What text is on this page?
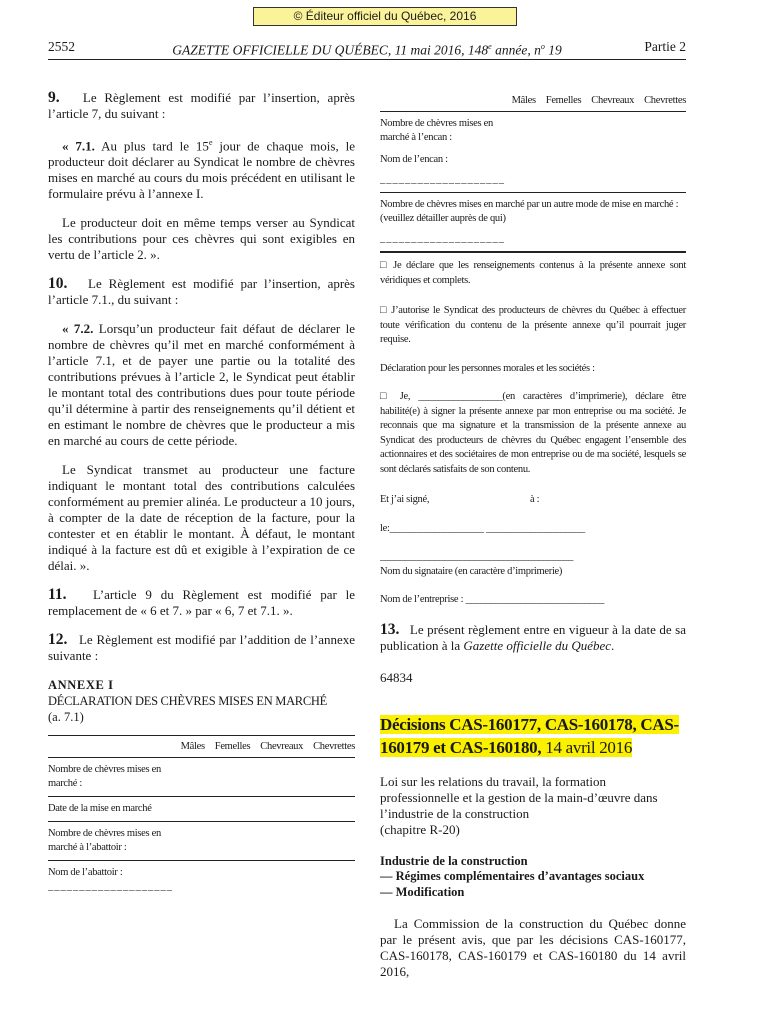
© Éditeur officiel du Québec, 2016
2552	GAZETTE OFFICIELLE DU QUÉBEC, 11 mai 2016, 148e année, $n^o$ 19	Partie 2

9. Le Règlement est modifié par l’insertion, après l’article 7, du suivant :

« 7.1. Au plus tard le 15e jour de chaque mois, le producteur doit déclarer au Syndicat le nombre de chèvres mises en marché au cours du mois précédent en utilisant le formulaire prévu à l’annexe I.

Le producteur doit en même temps verser au Syndicat les contributions pour ces chèvres qui sont exigibles en vertu de l’article 2. ».

10. Le Règlement est modifié par l’insertion, après l’article 7.1., du suivant :

« 7.2. Lorsqu’un producteur fait défaut de déclarer le nombre de chèvres qu’il met en marché conformément à l’article 7.1, et de payer une partie ou la totalité des contributions prévues à l’article 2, le Syndicat peut établir le montant total des contributions dues pour toute période qu’il détermine à partir des renseignements qu’il détient et en estimant le nombre de chèvres que le producteur a mis en marché au cours de cette période.

Le Syndicat transmet au producteur une facture indiquant le montant total des contributions calculées conformément au premier alinéa. Le producteur a 10 jours, à compter de la date de réception de la facture, pour la contester et en établir le montant. À défaut, le montant indiqué à la facture est dû et exigible à l’expiration de ce délai. ».

11. L’article 9 du Règlement est modifié par le remplacement de « 6 et 7. » par « 6, 7 et 7.1. ».

12. Le Règlement est modifié par l’addition de l’annexe suivante :

ANNEXE I
DÉCLARATION DES CHÈVRES MISES EN MARCHÉ
(a. 7.1)
Mâles Femelles Chevreaux Chevrettes
Nombre de chèvres mises en marché :
Date de la mise en marché
Nombre de chèvres mises en marché à l’abattoir :
Nom de l’abattoir :
____________________
Mâles Femelles Chevreaux Chevrettes
Nombre de chèvres mises en marché à l’encan :
Nom de l’encan :
____________________
Nombre de chèvres mises en marché par un autre mode de mise en marché : (veuillez détailler auprès de qui)
____________________

□ Je déclare que les renseignements contenus à la présente annexe sont véridiques et complets.

□ J’autorise le Syndicat des producteurs de chèvres du Québec à effectuer toute vérification du contenu de la présente annexe qu’il pourrait juger requise.

Déclaration pour les personnes morales et les sociétés :

□ Je, _________________(en caractères d’imprimerie), déclare être habilité(e) à signer la présente annexe par mon entreprise ou ma société. Je reconnais que ma signature et la transmission de la présente annexe au Syndicat des producteurs de chèvres du Québec engagent l’ensemble des actionnaires et des sociétaires de mon entreprise ou de ma société, lesquels se sont déclarés satisfaits de son contenu.

Et j’ai signé,	à :
le:___________________ ____________________
_______________________________________
Nom du signataire (en caractère d’imprimerie)
Nom de l’entreprise : ____________________________

13. Le présent règlement entre en vigueur à la date de sa publication à la Gazette officielle du Québec.

64834

Décisions CAS-160177, CAS-160178, CAS-160179 et CAS-160180, 14 avril 2016

Loi sur les relations du travail, la formation professionnelle et la gestion de la main-d’œuvre dans l’industrie de la construction

(chapitre R-20)

Industrie de la construction
— Régimes complémentaires d’avantages sociaux
— Modification

La Commission de la construction du Québec donne par le présent avis, que par les décisions CAS-160177, CAS-160178, CAS-160179 et CAS-160180 du 14 avril 2016,
